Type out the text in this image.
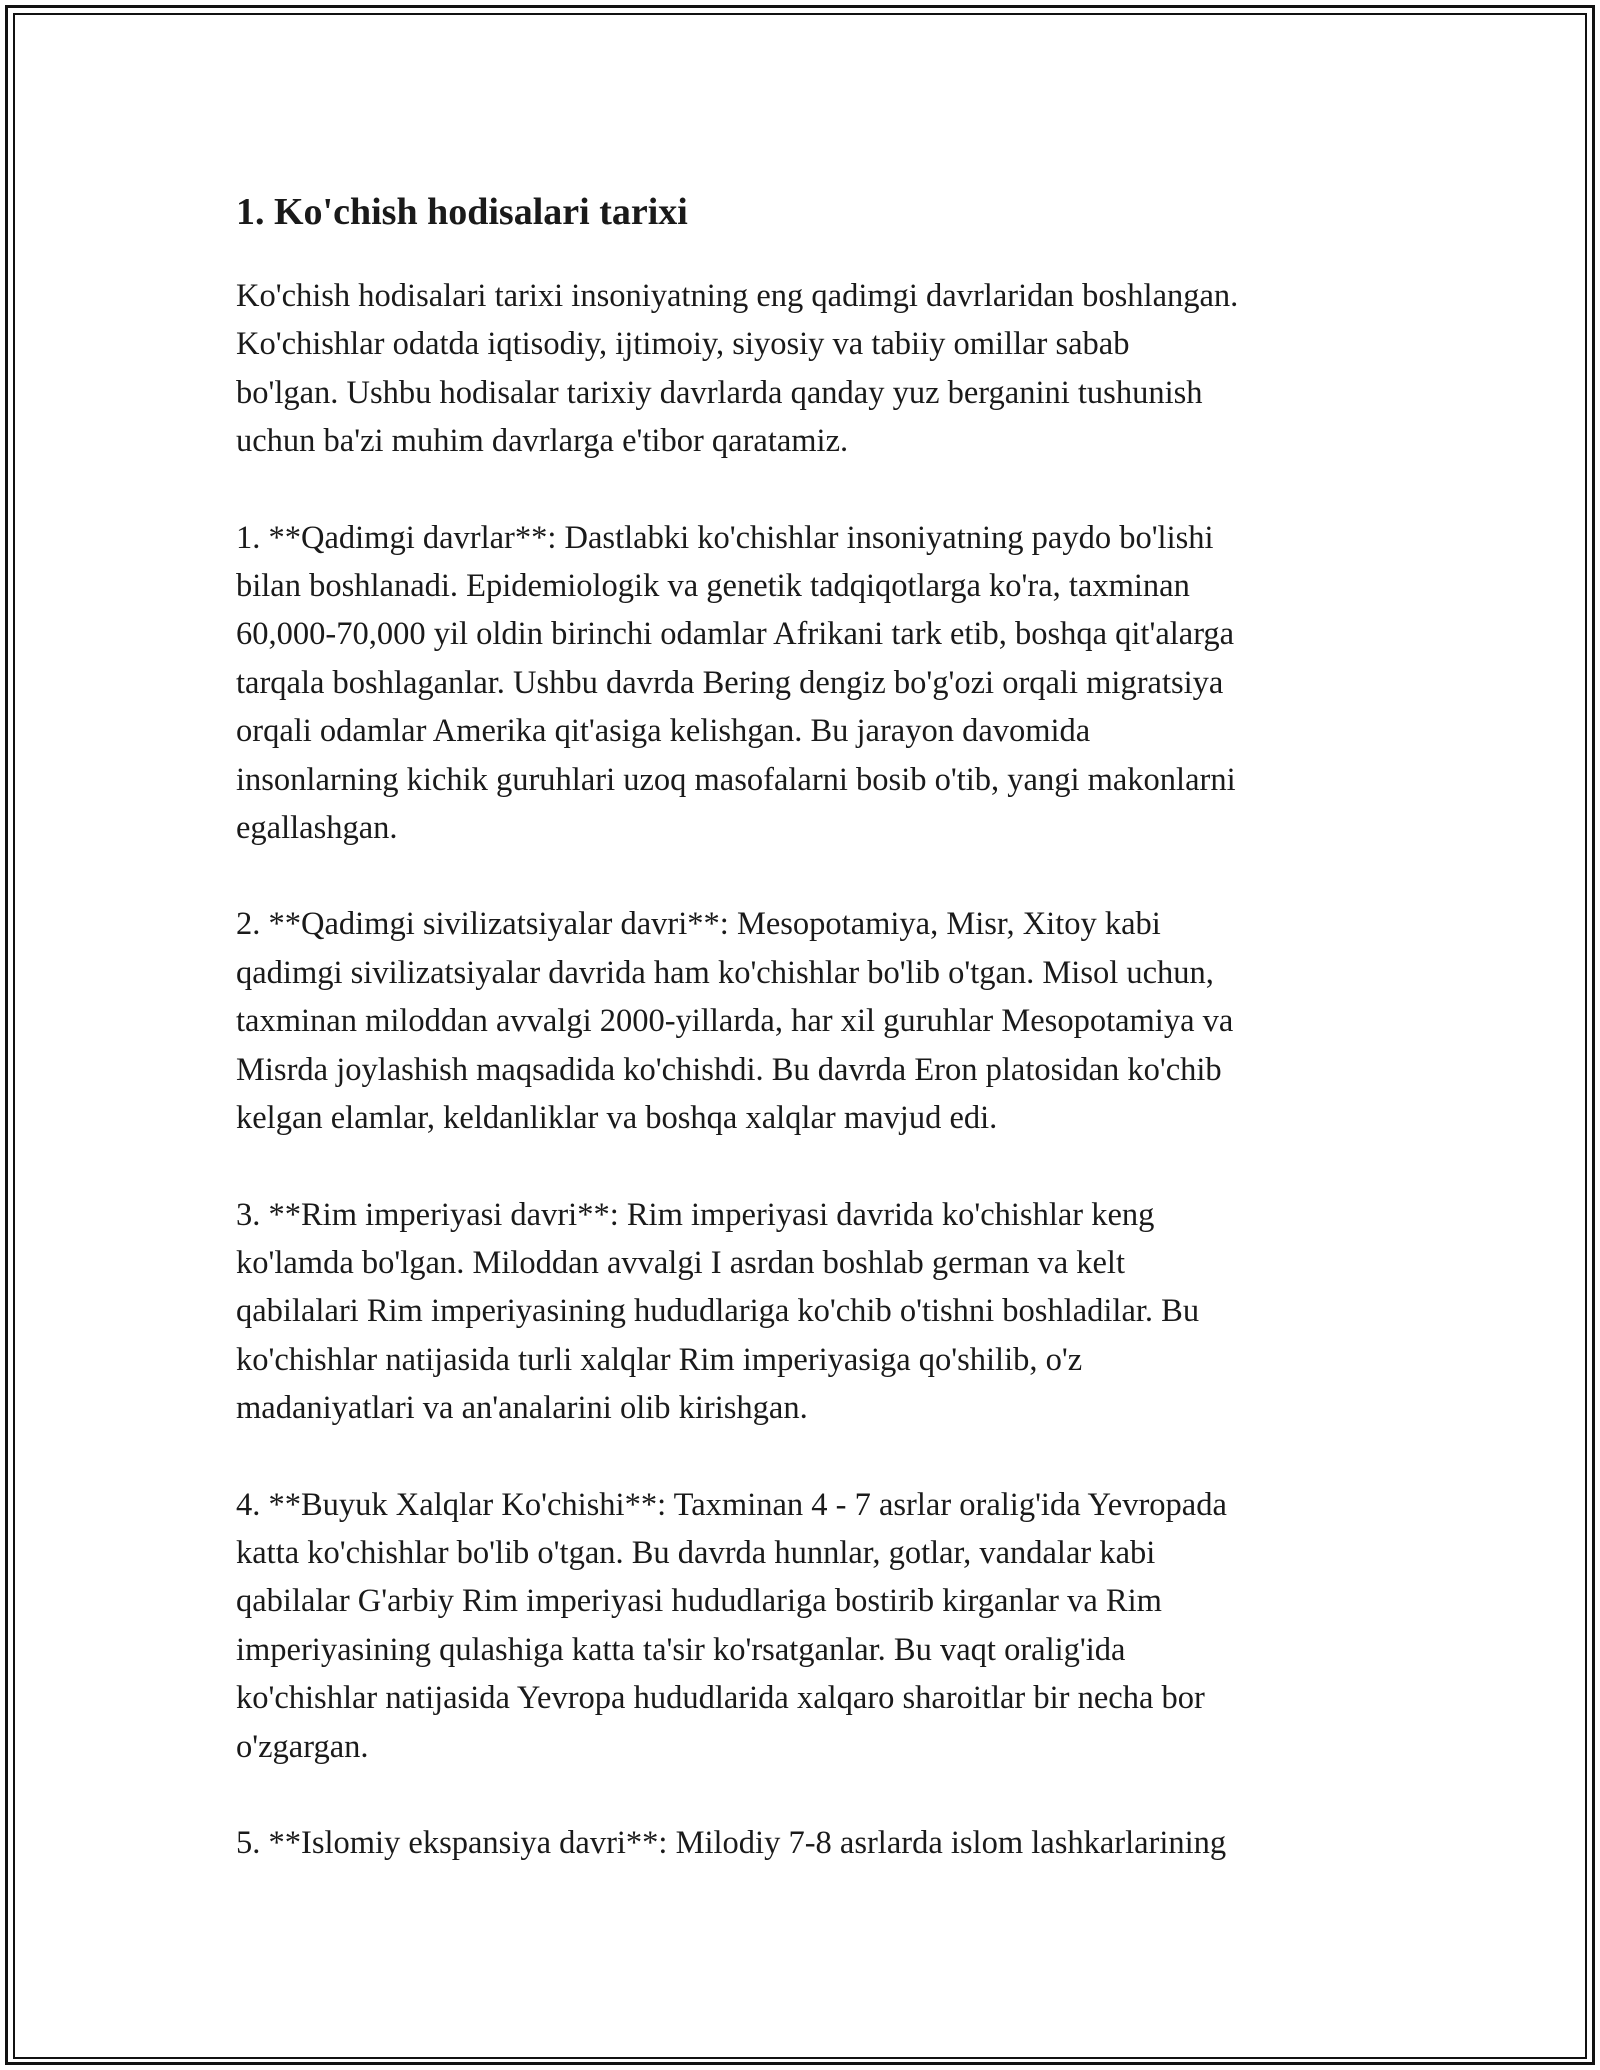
1. Ko'chish hodisalari tarixi
Ko'chish hodisalari tarixi insoniyatning eng qadimgi davrlaridan boshlangan.
Ko'chishlar odatda iqtisodiy, ijtimoiy, siyosiy va tabiiy omillar sabab
bo'lgan. Ushbu hodisalar tarixiy davrlarda qanday yuz berganini tushunish
uchun ba'zi muhim davrlarga e'tibor qaratamiz.
1. **Qadimgi davrlar**: Dastlabki ko'chishlar insoniyatning paydo bo'lishi
bilan boshlanadi. Epidemiologik va genetik tadqiqotlarga ko'ra, taxminan
60,000-70,000 yil oldin birinchi odamlar Afrikani tark etib, boshqa qit'alarga
tarqala boshlaganlar. Ushbu davrda Bering dengiz bo'g'ozi orqali migratsiya
orqali odamlar Amerika qit'asiga kelishgan. Bu jarayon davomida
insonlarning kichik guruhlari uzoq masofalarni bosib o'tib, yangi makonlarni
egallashgan.
2. **Qadimgi sivilizatsiyalar davri**: Mesopotamiya, Misr, Xitoy kabi
qadimgi sivilizatsiyalar davrida ham ko'chishlar bo'lib o'tgan. Misol uchun,
taxminan miloddan avvalgi 2000-yillarda, har xil guruhlar Mesopotamiya va
Misrda joylashish maqsadida ko'chishdi. Bu davrda Eron platosidan ko'chib
kelgan elamlar, keldanliklar va boshqa xalqlar mavjud edi.
3. **Rim imperiyasi davri**: Rim imperiyasi davrida ko'chishlar keng
ko'lamda bo'lgan. Miloddan avvalgi I asrdan boshlab german va kelt
qabilalari Rim imperiyasining hududlariga ko'chib o'tishni boshladilar. Bu
ko'chishlar natijasida turli xalqlar Rim imperiyasiga qo'shilib, o'z
madaniyatlari va an'analarini olib kirishgan.
4. **Buyuk Xalqlar Ko'chishi**: Taxminan 4 - 7 asrlar oralig'ida Yevropada
katta ko'chishlar bo'lib o'tgan. Bu davrda hunnlar, gotlar, vandalar kabi
qabilalar G'arbiy Rim imperiyasi hududlariga bostirib kirganlar va Rim
imperiyasining qulashiga katta ta'sir ko'rsatganlar. Bu vaqt oralig'ida
ko'chishlar natijasida Yevropa hududlarida xalqaro sharoitlar bir necha bor
o'zgargan.
5. **Islomiy ekspansiya davri**: Milodiy 7-8 asrlarda islom lashkarlarining
